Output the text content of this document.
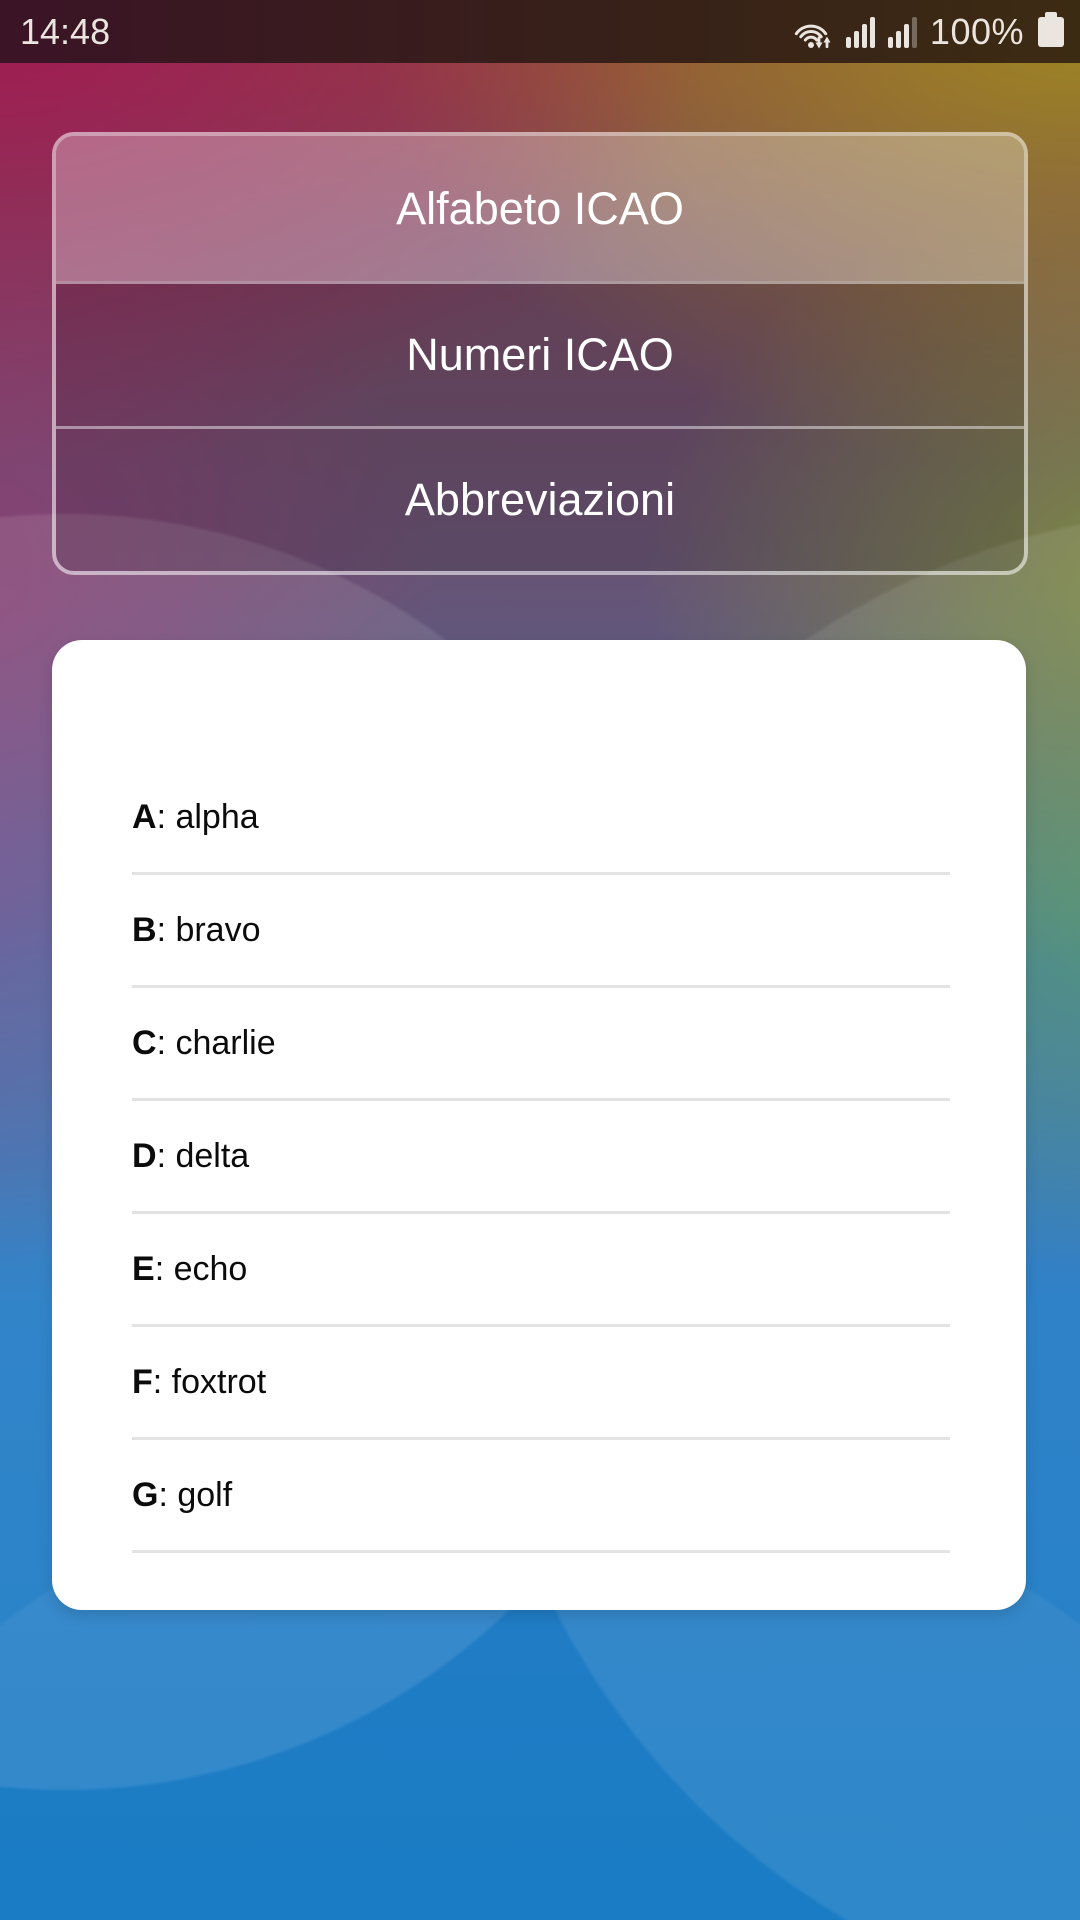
14:48	100%
Alfabeto ICAO
Numeri ICAO
Abbreviazioni
A : alpha
B : bravo
C : charlie
D : delta
E : echo
F : foxtrot
G : golf
